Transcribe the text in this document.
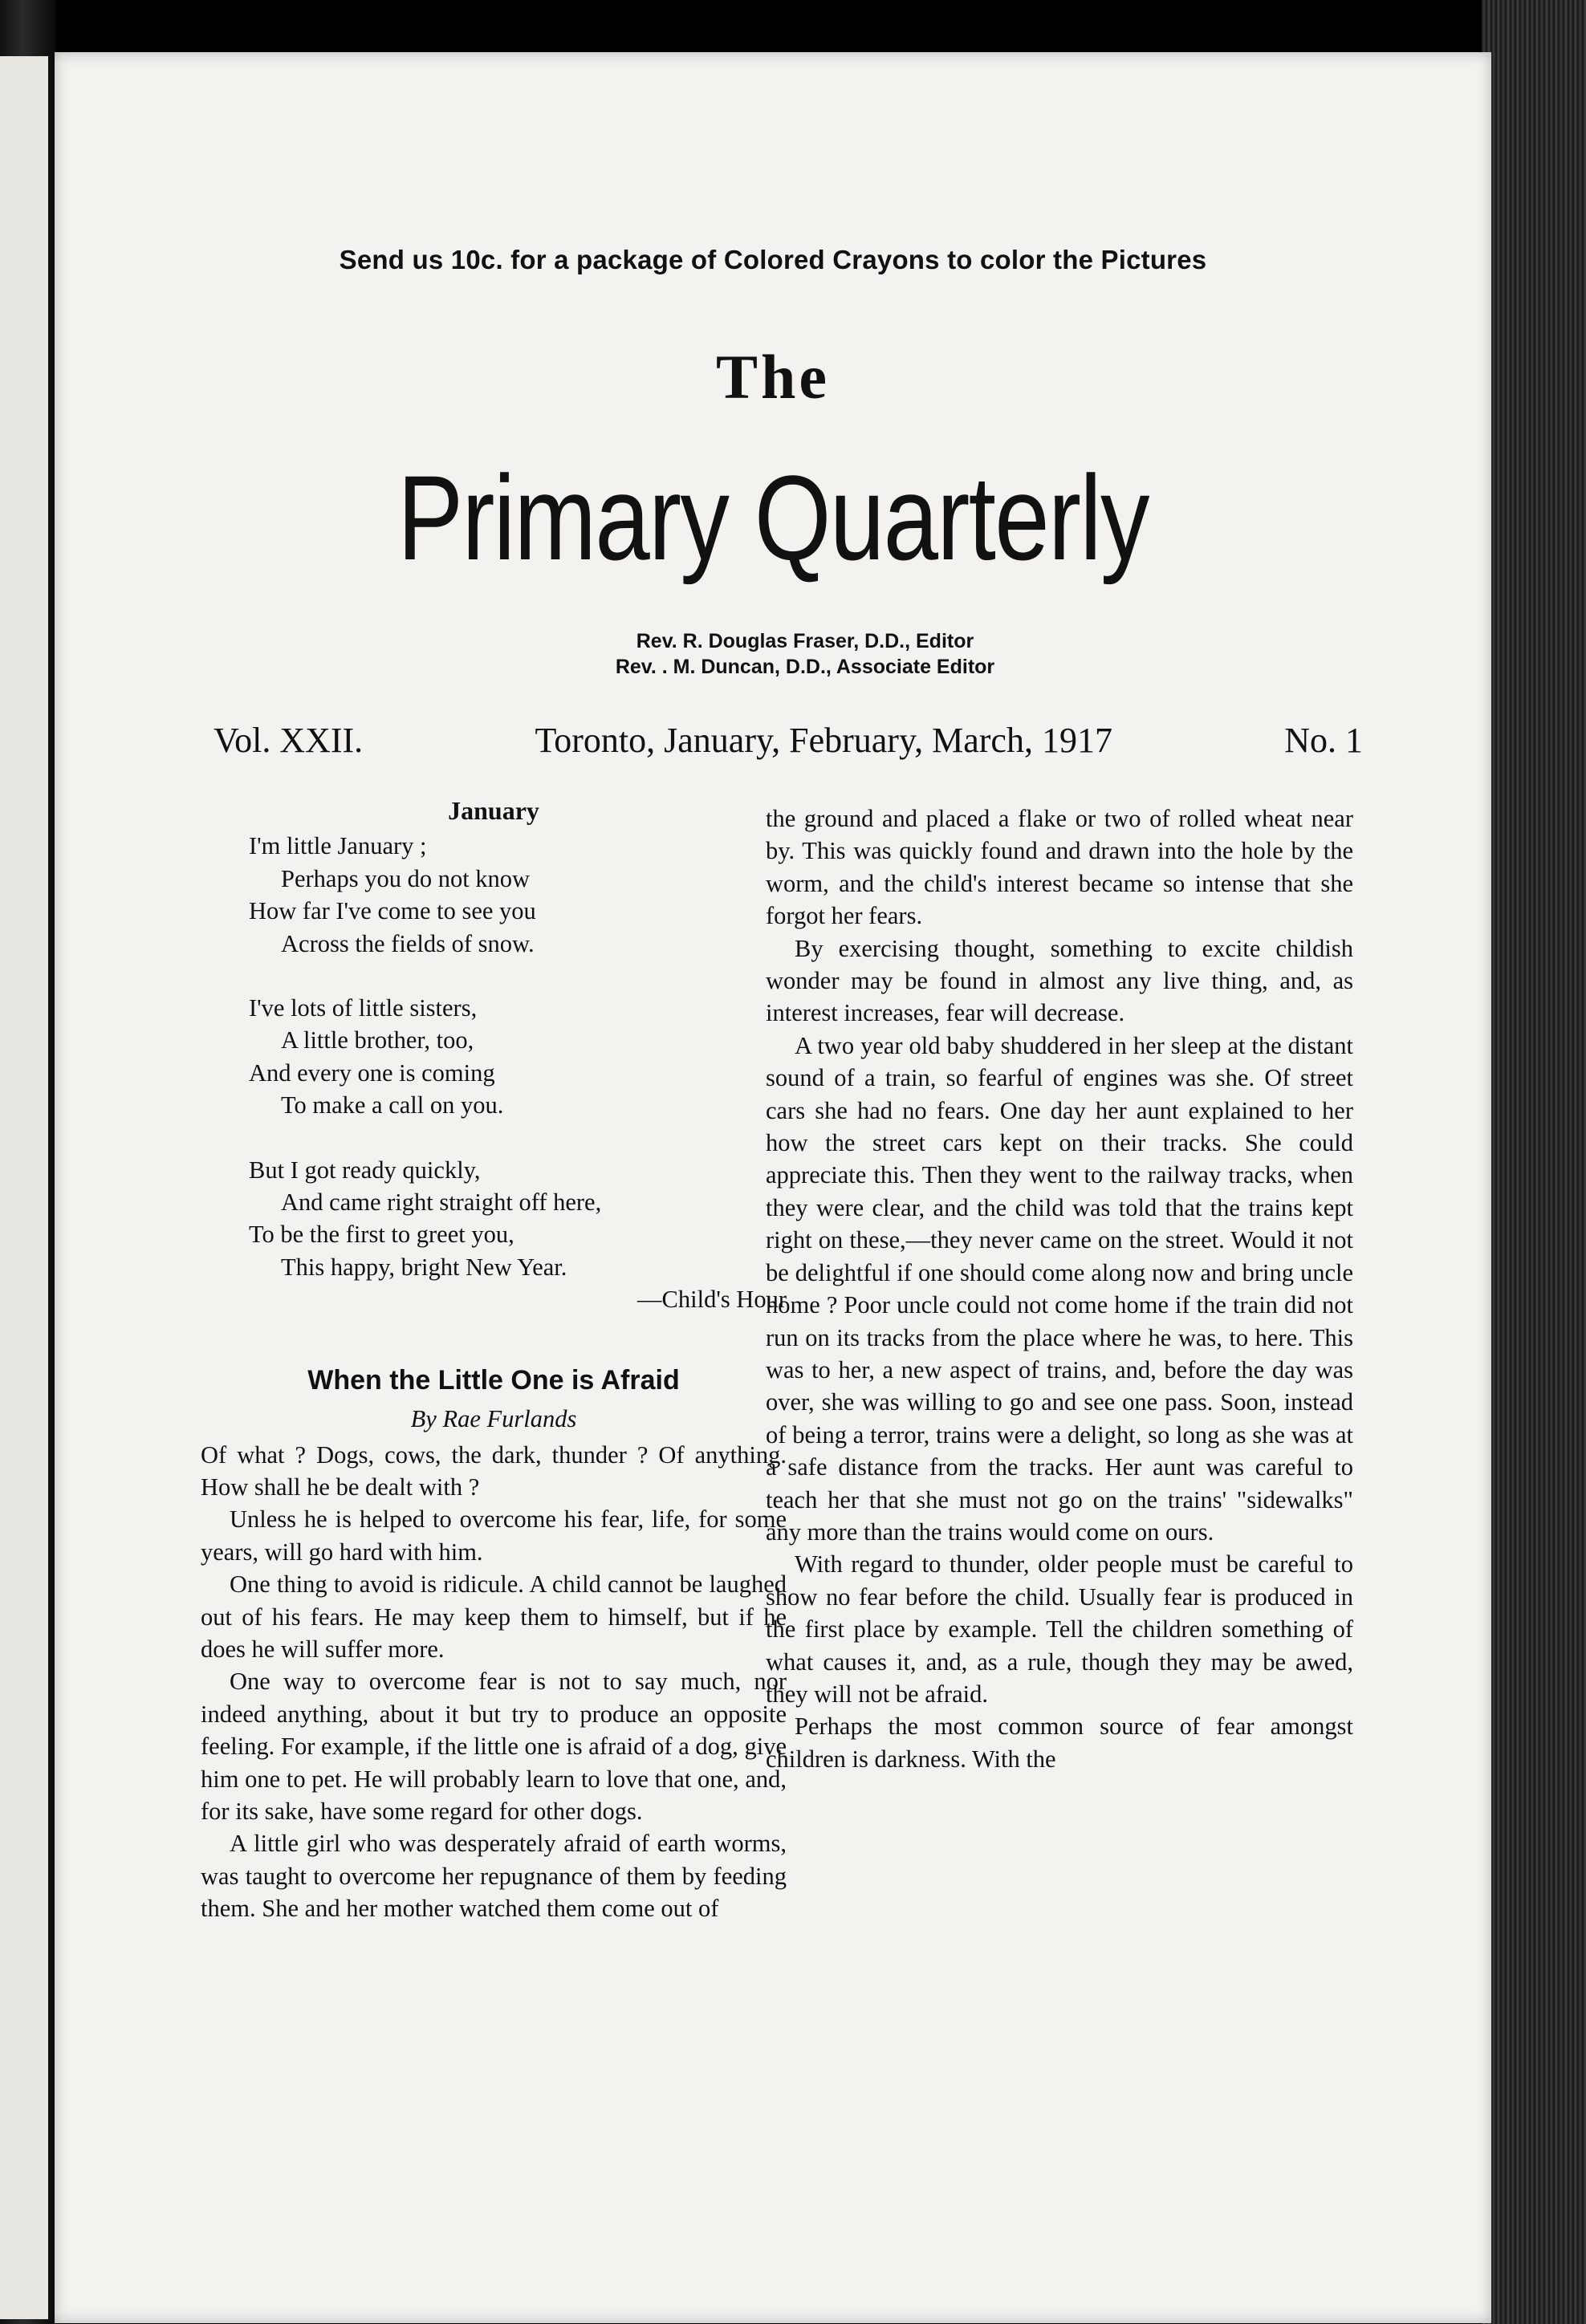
Send us 10c. for a package of Colored Crayons to color the Pictures
The
Primary Quarterly
Rev. R. Douglas Fraser, D.D., Editor
Rev. . M. Duncan, D.D., Associate Editor
Vol. XXII.	Toronto, January, February, March, 1917	No. 1
January
I'm little January ;
Perhaps you do not know
How far I've come to see you
Across the fields of snow.
I've lots of little sisters,
A little brother, too,
And every one is coming
To make a call on you.
But I got ready quickly,
And came right straight off here,
To be the first to greet you,
This happy, bright New Year.
—Child's Hour
When the Little One is Afraid
By Rae Furlands

Of what ? Dogs, cows, the dark, thunder ? Of anything. How shall he be dealt with ?

Unless he is helped to overcome his fear, life, for some years, will go hard with him.

One thing to avoid is ridicule. A child cannot be laughed out of his fears. He may keep them to himself, but if he does he will suffer more.

One way to overcome fear is not to say much, nor indeed anything, about it but try to produce an opposite feeling. For example, if the little one is afraid of a dog, give him one to pet. He will probably learn to love that one, and, for its sake, have some regard for other dogs.

A little girl who was desperately afraid of earth worms, was taught to overcome her repugnance of them by feeding them. She and her mother watched them come out of

the ground and placed a flake or two of rolled wheat near by. This was quickly found and drawn into the hole by the worm, and the child's interest became so intense that she forgot her fears.

By exercising thought, something to excite childish wonder may be found in almost any live thing, and, as interest increases, fear will decrease.

A two year old baby shuddered in her sleep at the distant sound of a train, so fearful of engines was she. Of street cars she had no fears. One day her aunt explained to her how the street cars kept on their tracks. She could appreciate this. Then they went to the railway tracks, when they were clear, and the child was told that the trains kept right on these,—they never came on the street. Would it not be delightful if one should come along now and bring uncle home ? Poor uncle could not come home if the train did not run on its tracks from the place where he was, to here. This was to her, a new aspect of trains, and, before the day was over, she was willing to go and see one pass. Soon, instead of being a terror, trains were a delight, so long as she was at a safe distance from the tracks. Her aunt was careful to teach her that she must not go on the trains' "sidewalks" any more than the trains would come on ours.

With regard to thunder, older people must be careful to show no fear before the child. Usually fear is produced in the first place by example. Tell the children something of what causes it, and, as a rule, though they may be awed, they will not be afraid.

Perhaps the most common source of fear amongst children is darkness. With the
